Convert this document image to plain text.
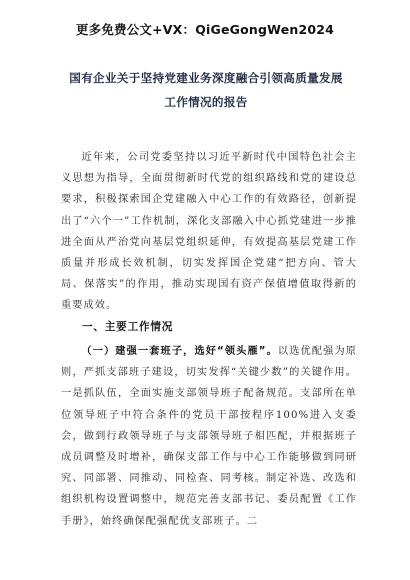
更多免费公文+VX：QiGeGongWen2024
国有企业关于坚持党建业务深度融合引领高质量发展工作情况的报告
近年来，公司党委坚持以习近平新时代中国特色社会主义思想为指导，全面贯彻新时代党的组织路线和党的建设总要求，积极探索国企党建融入中心工作的有效路径，创新提出了“六个一”工作机制，深化支部融入中心抓党建进一步推进全面从严治党向基层党组织延伸，有效提高基层党建工作质量并形成长效机制，切实发挥国企党建“把方向、管大局、保落实”的作用，推动实现国有资产保值增值取得新的重要成效。
一、主要工作情况
（一）建强一套班子，选好“领头雁”。以选优配强为原则，严抓支部班子建设，切实发挥“关键少数”的关键作用。一是抓队伍，全面实施支部领导班子配备规范。支部所在单位领导班子中符合条件的党员干部按程序100%进入支委会，做到行政领导班子与支部领导班子相匹配，并根据班子成员调整及时增补，确保支部工作与中心工作能够做到同研究、同部署、同推动、同检查、同考核。制定补选、改选和组织机构设置调整中，规范完善支部书记、委员配置《工作手册》，始终确保配强配优支部班子。二
